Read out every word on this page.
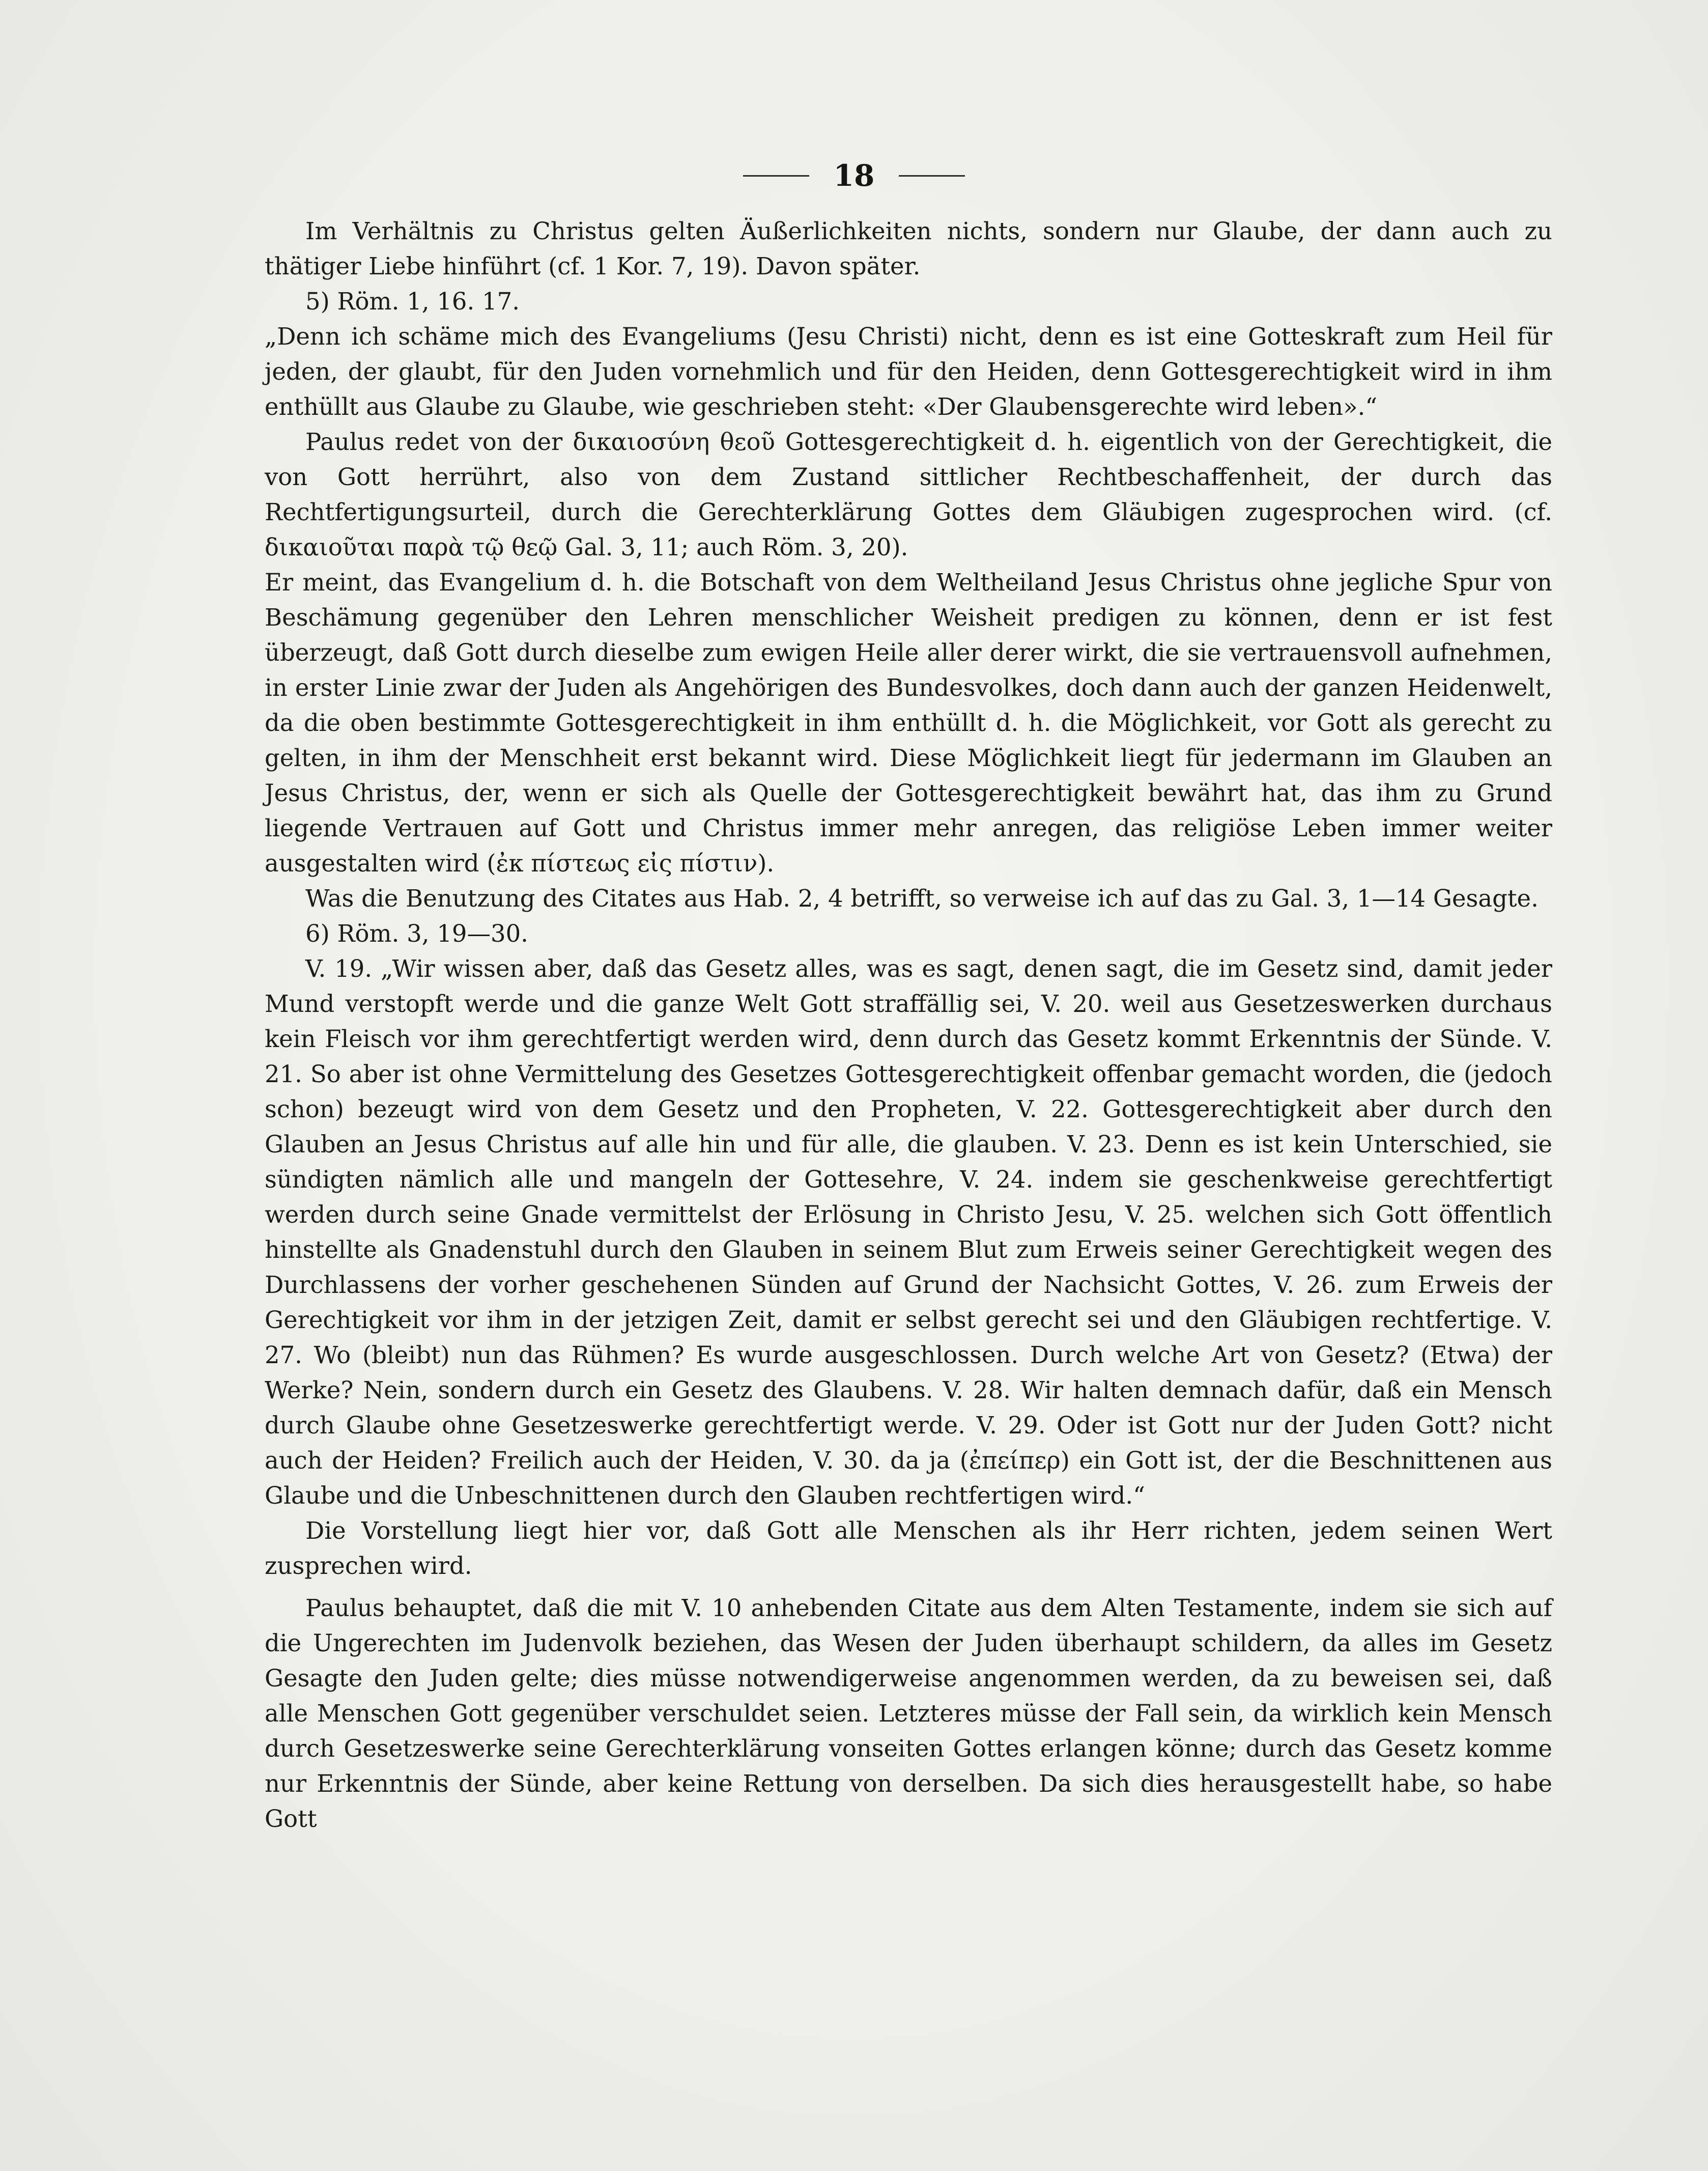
18

Im Verhältnis zu Christus gelten Äußerlichkeiten nichts, sondern nur Glaube, der dann auch zu thätiger Liebe hinführt (cf. 1 Kor. 7, 19). Davon später.

5) Röm. 1, 16. 17.

„Denn ich schäme mich des Evangeliums (Jesu Christi) nicht, denn es ist eine Gotteskraft zum Heil für jeden, der glaubt, für den Juden vornehmlich und für den Heiden, denn Gottesgerechtigkeit wird in ihm enthüllt aus Glaube zu Glaube, wie geschrieben steht: «Der Glaubensgerechte wird leben».“

Paulus redet von der δικαιοσύνη θεοῦ Gottesgerechtigkeit d. h. eigentlich von der Gerechtigkeit, die von Gott herrührt, also von dem Zustand sittlicher Rechtbeschaffenheit, der durch das Rechtfertigungsurteil, durch die Gerechterklärung Gottes dem Gläubigen zugesprochen wird. (cf. δικαιοῦται παρὰ τῷ θεῷ Gal. 3, 11; auch Röm. 3, 20).

Er meint, das Evangelium d. h. die Botschaft von dem Weltheiland Jesus Christus ohne jegliche Spur von Beschämung gegenüber den Lehren menschlicher Weisheit predigen zu können, denn er ist fest überzeugt, daß Gott durch dieselbe zum ewigen Heile aller derer wirkt, die sie vertrauensvoll aufnehmen, in erster Linie zwar der Juden als Angehörigen des Bundesvolkes, doch dann auch der ganzen Heidenwelt, da die oben bestimmte Gottesgerechtigkeit in ihm enthüllt d. h. die Möglichkeit, vor Gott als gerecht zu gelten, in ihm der Menschheit erst bekannt wird. Diese Möglichkeit liegt für jedermann im Glauben an Jesus Christus, der, wenn er sich als Quelle der Gottesgerechtigkeit bewährt hat, das ihm zu Grund liegende Vertrauen auf Gott und Christus immer mehr anregen, das religiöse Leben immer weiter ausgestalten wird (ἐκ πίστεως εἰς πίστιν).

Was die Benutzung des Citates aus Hab. 2, 4 betrifft, so verweise ich auf das zu Gal. 3, 1—14 Gesagte.

6) Röm. 3, 19—30.

V. 19. „Wir wissen aber, daß das Gesetz alles, was es sagt, denen sagt, die im Gesetz sind, damit jeder Mund verstopft werde und die ganze Welt Gott straffällig sei, V. 20. weil aus Gesetzeswerken durchaus kein Fleisch vor ihm gerechtfertigt werden wird, denn durch das Gesetz kommt Erkenntnis der Sünde. V. 21. So aber ist ohne Vermittelung des Gesetzes Gottesgerechtigkeit offenbar gemacht worden, die (jedoch schon) bezeugt wird von dem Gesetz und den Propheten, V. 22. Gottesgerechtigkeit aber durch den Glauben an Jesus Christus auf alle hin und für alle, die glauben. V. 23. Denn es ist kein Unterschied, sie sündigten nämlich alle und mangeln der Gottesehre, V. 24. indem sie geschenkweise gerechtfertigt werden durch seine Gnade vermittelst der Erlösung in Christo Jesu, V. 25. welchen sich Gott öffentlich hinstellte als Gnadenstuhl durch den Glauben in seinem Blut zum Erweis seiner Gerechtigkeit wegen des Durchlassens der vorher geschehenen Sünden auf Grund der Nachsicht Gottes, V. 26. zum Erweis der Gerechtigkeit vor ihm in der jetzigen Zeit, damit er selbst gerecht sei und den Gläubigen rechtfertige. V. 27. Wo (bleibt) nun das Rühmen? Es wurde ausgeschlossen. Durch welche Art von Gesetz? (Etwa) der Werke? Nein, sondern durch ein Gesetz des Glaubens. V. 28. Wir halten demnach dafür, daß ein Mensch durch Glaube ohne Gesetzeswerke gerechtfertigt werde. V. 29. Oder ist Gott nur der Juden Gott? nicht auch der Heiden? Freilich auch der Heiden, V. 30. da ja (ἐπείπερ) ein Gott ist, der die Beschnittenen aus Glaube und die Unbeschnittenen durch den Glauben rechtfertigen wird.“

Die Vorstellung liegt hier vor, daß Gott alle Menschen als ihr Herr richten, jedem seinen Wert zusprechen wird.

Paulus behauptet, daß die mit V. 10 anhebenden Citate aus dem Alten Testamente, indem sie sich auf die Ungerechten im Judenvolk beziehen, das Wesen der Juden überhaupt schildern, da alles im Gesetz Gesagte den Juden gelte; dies müsse notwendigerweise angenommen werden, da zu beweisen sei, daß alle Menschen Gott gegenüber verschuldet seien. Letzteres müsse der Fall sein, da wirklich kein Mensch durch Gesetzeswerke seine Gerechterklärung vonseiten Gottes erlangen könne; durch das Gesetz komme nur Erkenntnis der Sünde, aber keine Rettung von derselben. Da sich dies herausgestellt habe, so habe Gott
